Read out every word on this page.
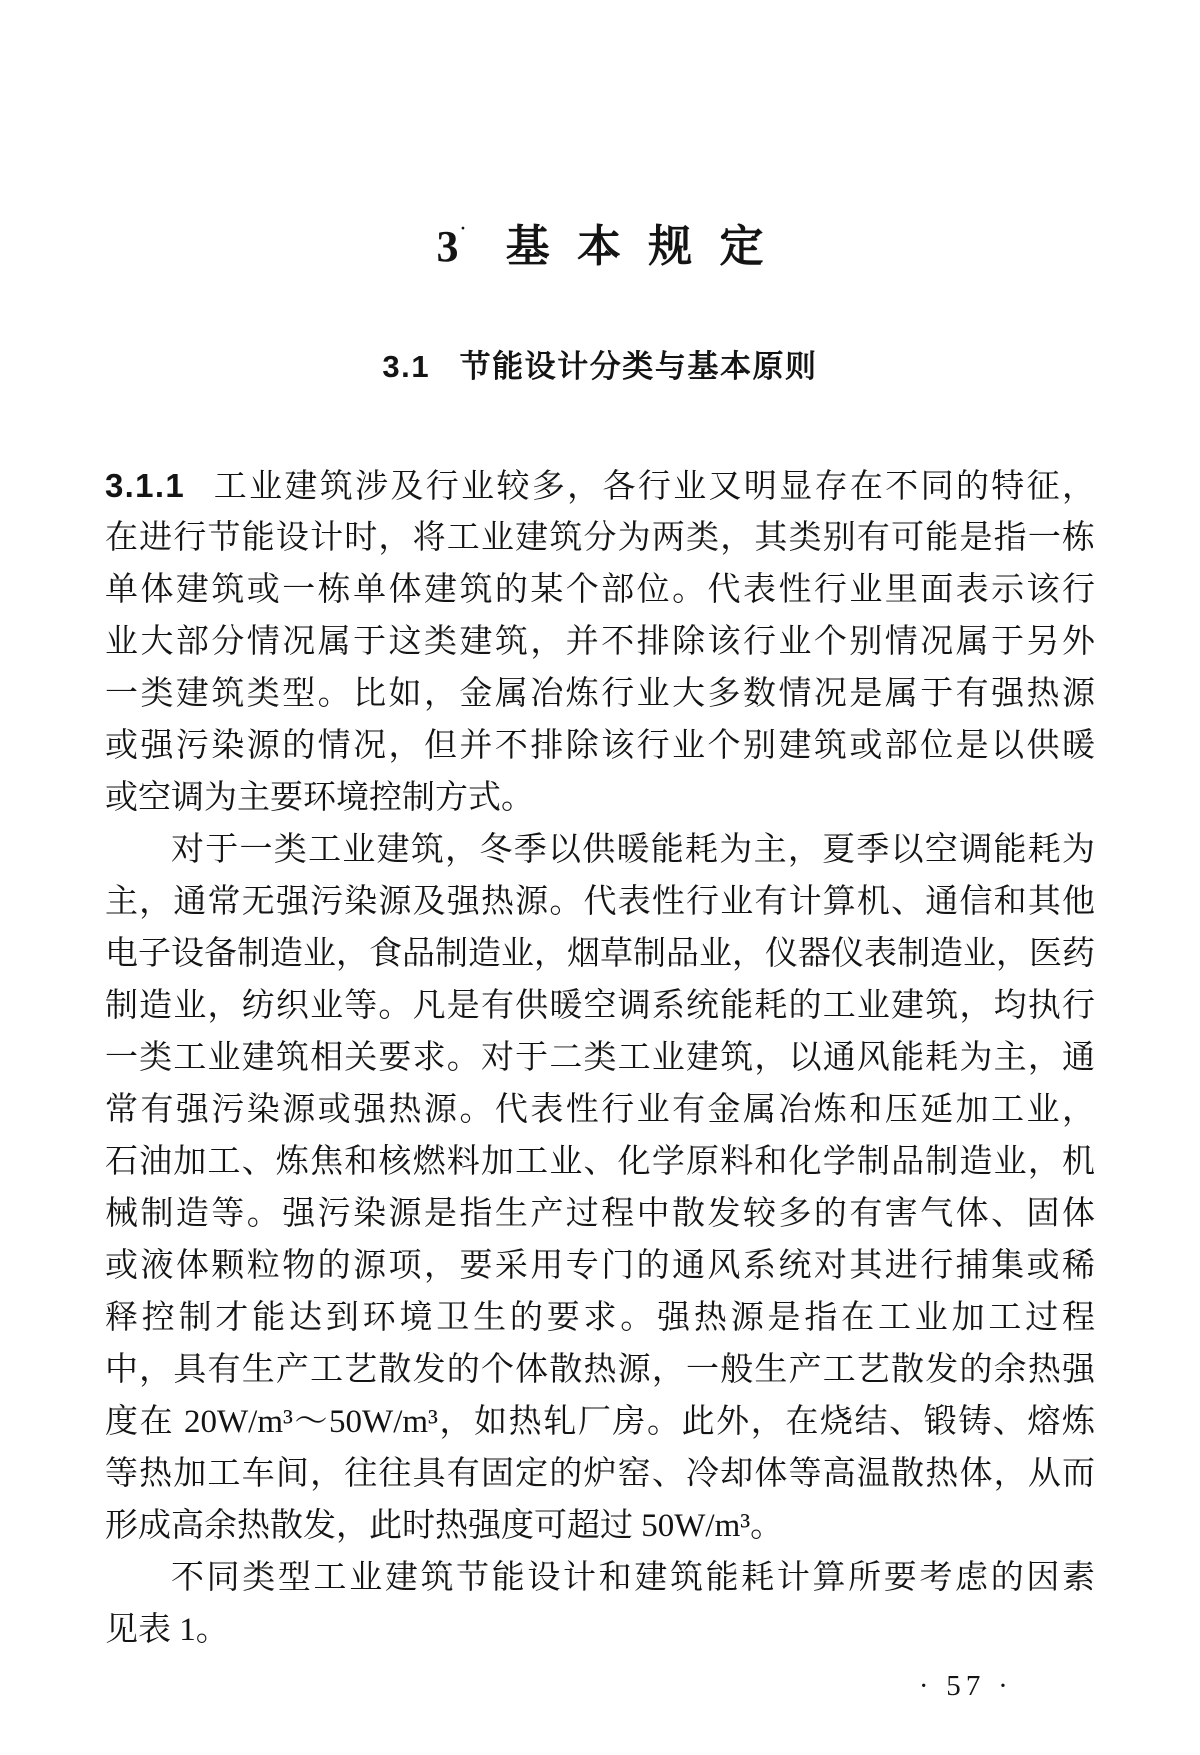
3˙ 基本规定
3.1 节能设计分类与基本原则
3.1.1 工业建筑涉及行业较多，各行业又明显存在不同的特征，
在进行节能设计时，将工业建筑分为两类，其类别有可能是指一栋
单体建筑或一栋单体建筑的某个部位。代表性行业里面表示该行
业大部分情况属于这类建筑，并不排除该行业个别情况属于另外
一类建筑类型。比如，金属冶炼行业大多数情况是属于有强热源
或强污染源的情况，但并不排除该行业个别建筑或部位是以供暖
或空调为主要环境控制方式。
对于一类工业建筑，冬季以供暖能耗为主，夏季以空调能耗为
主，通常无强污染源及强热源。代表性行业有计算机、通信和其他
电子设备制造业，食品制造业，烟草制品业，仪器仪表制造业，医药
制造业，纺织业等。凡是有供暖空调系统能耗的工业建筑，均执行
一类工业建筑相关要求。对于二类工业建筑，以通风能耗为主，通
常有强污染源或强热源。代表性行业有金属冶炼和压延加工业，
石油加工、炼焦和核燃料加工业、化学原料和化学制品制造业，机
械制造等。强污染源是指生产过程中散发较多的有害气体、固体
或液体颗粒物的源项，要采用专门的通风系统对其进行捕集或稀
释控制才能达到环境卫生的要求。强热源是指在工业加工过程
中，具有生产工艺散发的个体散热源，一般生产工艺散发的余热强
度在 20W/m³～50W/m³，如热轧厂房。此外，在烧结、锻铸、熔炼
等热加工车间，往往具有固定的炉窑、冷却体等高温散热体，从而
形成高余热散发，此时热强度可超过 50W/m³。
不同类型工业建筑节能设计和建筑能耗计算所要考虑的因素
见表 1。
· 57 ·
